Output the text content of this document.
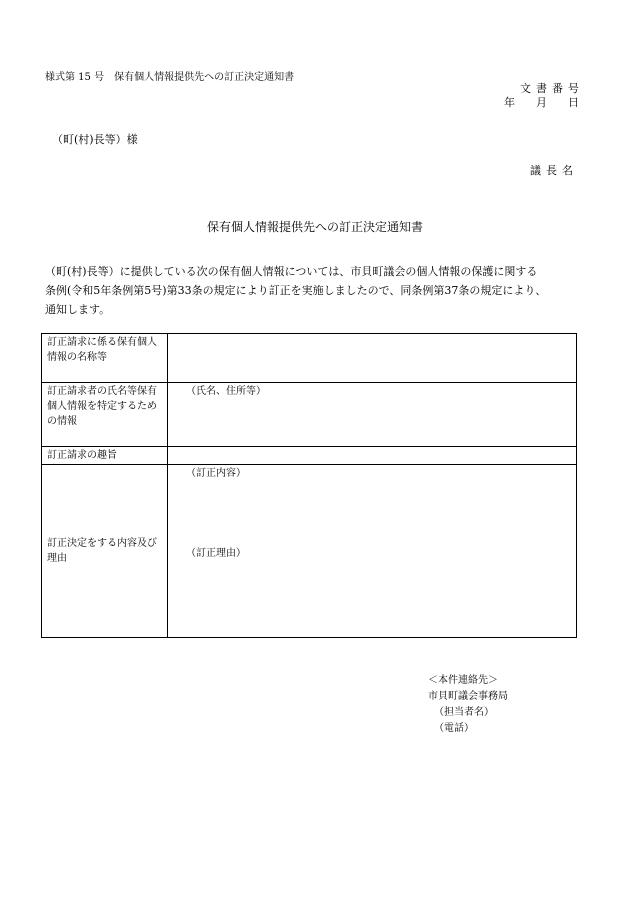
様式第 15 号　保有個人情報提供先への訂正決定通知書
文書番号
年　月　日
（町(村)長等）様
議長名
保有個人情報提供先への訂正決定通知書

（町(村)長等）に提供している次の保有個人情報については、市貝町議会の個人情報の保護に関する

条例(令和5年条例第5号)第33条の規定により訂正を実施しましたので、同条例第37条の規定により、

通知します。

訂正請求に係る保有個人情報の名称等	
訂正請求者の氏名等保有個人情報を特定するための情報	（氏名、住所等）
訂正請求の趣旨	
訂正決定をする内容及び理由	（訂正内容）
（訂正理由）
＜本件連絡先＞
市貝町議会事務局
（担当者名）
（電話）
